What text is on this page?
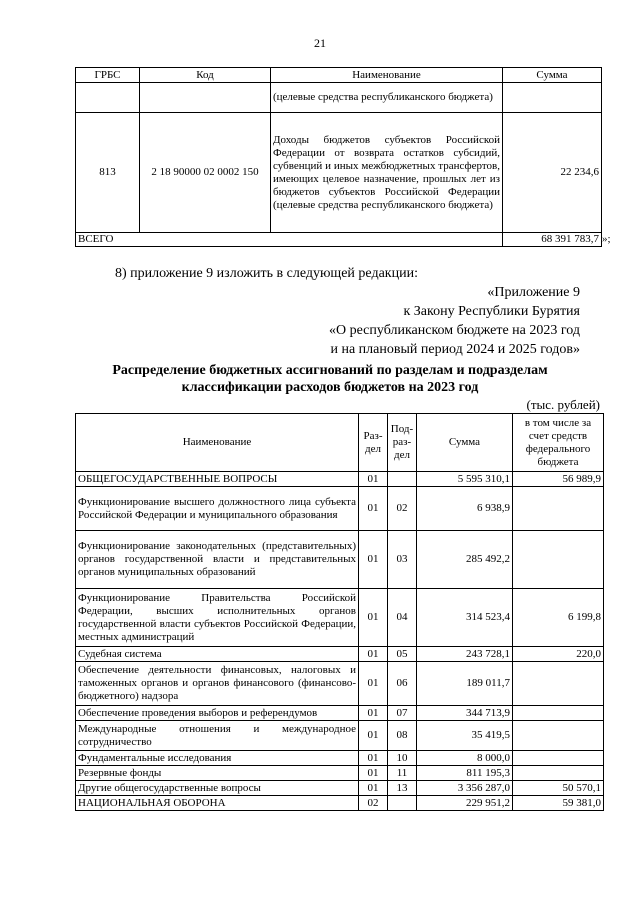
21
ГРБС	Код	Наименование	Сумма
		(целевые средства республиканского бюджета)	
813	2 18 90000 02 0002 150	Доходы бюджетов субъектов Российской Федерации от возврата остатков субсидий, субвенций и иных межбюджетных трансфертов, имеющих целевое назначение, прошлых лет из бюджетов субъектов Российской Федерации (целевые средства республиканского бюджета)	22 234,6
ВСЕГО			68 391 783,7 »;
8) приложение 9 изложить в следующей редакции:
«Приложение 9
к Закону Республики Бурятия
«О республиканском бюджете на 2023 год
и на плановый период 2024 и 2025 годов»
Распределение бюджетных ассигнований по разделам и подразделам
классификации расходов бюджетов на 2023 год
(тыс. рублей)
Наименование	Раз-дел	Под-раз-дел	Сумма	в том числе за счет средств федерального бюджета
ОБЩЕГОСУДАРСТВЕННЫЕ ВОПРОСЫ	01		5 595 310,1	56 989,9
Функционирование высшего должностного лица субъекта Российской Федерации и муниципального образования	01	02	6 938,9	
Функционирование законодательных (представительных) органов государственной власти и представительных органов муниципальных образований	01	03	285 492,2	
Функционирование Правительства Российской Федерации, высших исполнительных органов государственной власти субъектов Российской Федерации, местных администраций	01	04	314 523,4	6 199,8
Судебная система	01	05	243 728,1	220,0
Обеспечение деятельности финансовых, налоговых и таможенных органов и органов финансового (финансово-бюджетного) надзора	01	06	189 011,7	
Обеспечение проведения выборов и референдумов	01	07	344 713,9	
Международные отношения и международное сотрудничество	01	08	35 419,5	
Фундаментальные исследования	01	10	8 000,0	
Резервные фонды	01	11	811 195,3	
Другие общегосударственные вопросы	01	13	3 356 287,0	50 570,1
НАЦИОНАЛЬНАЯ ОБОРОНА	02		229 951,2	59 381,0
